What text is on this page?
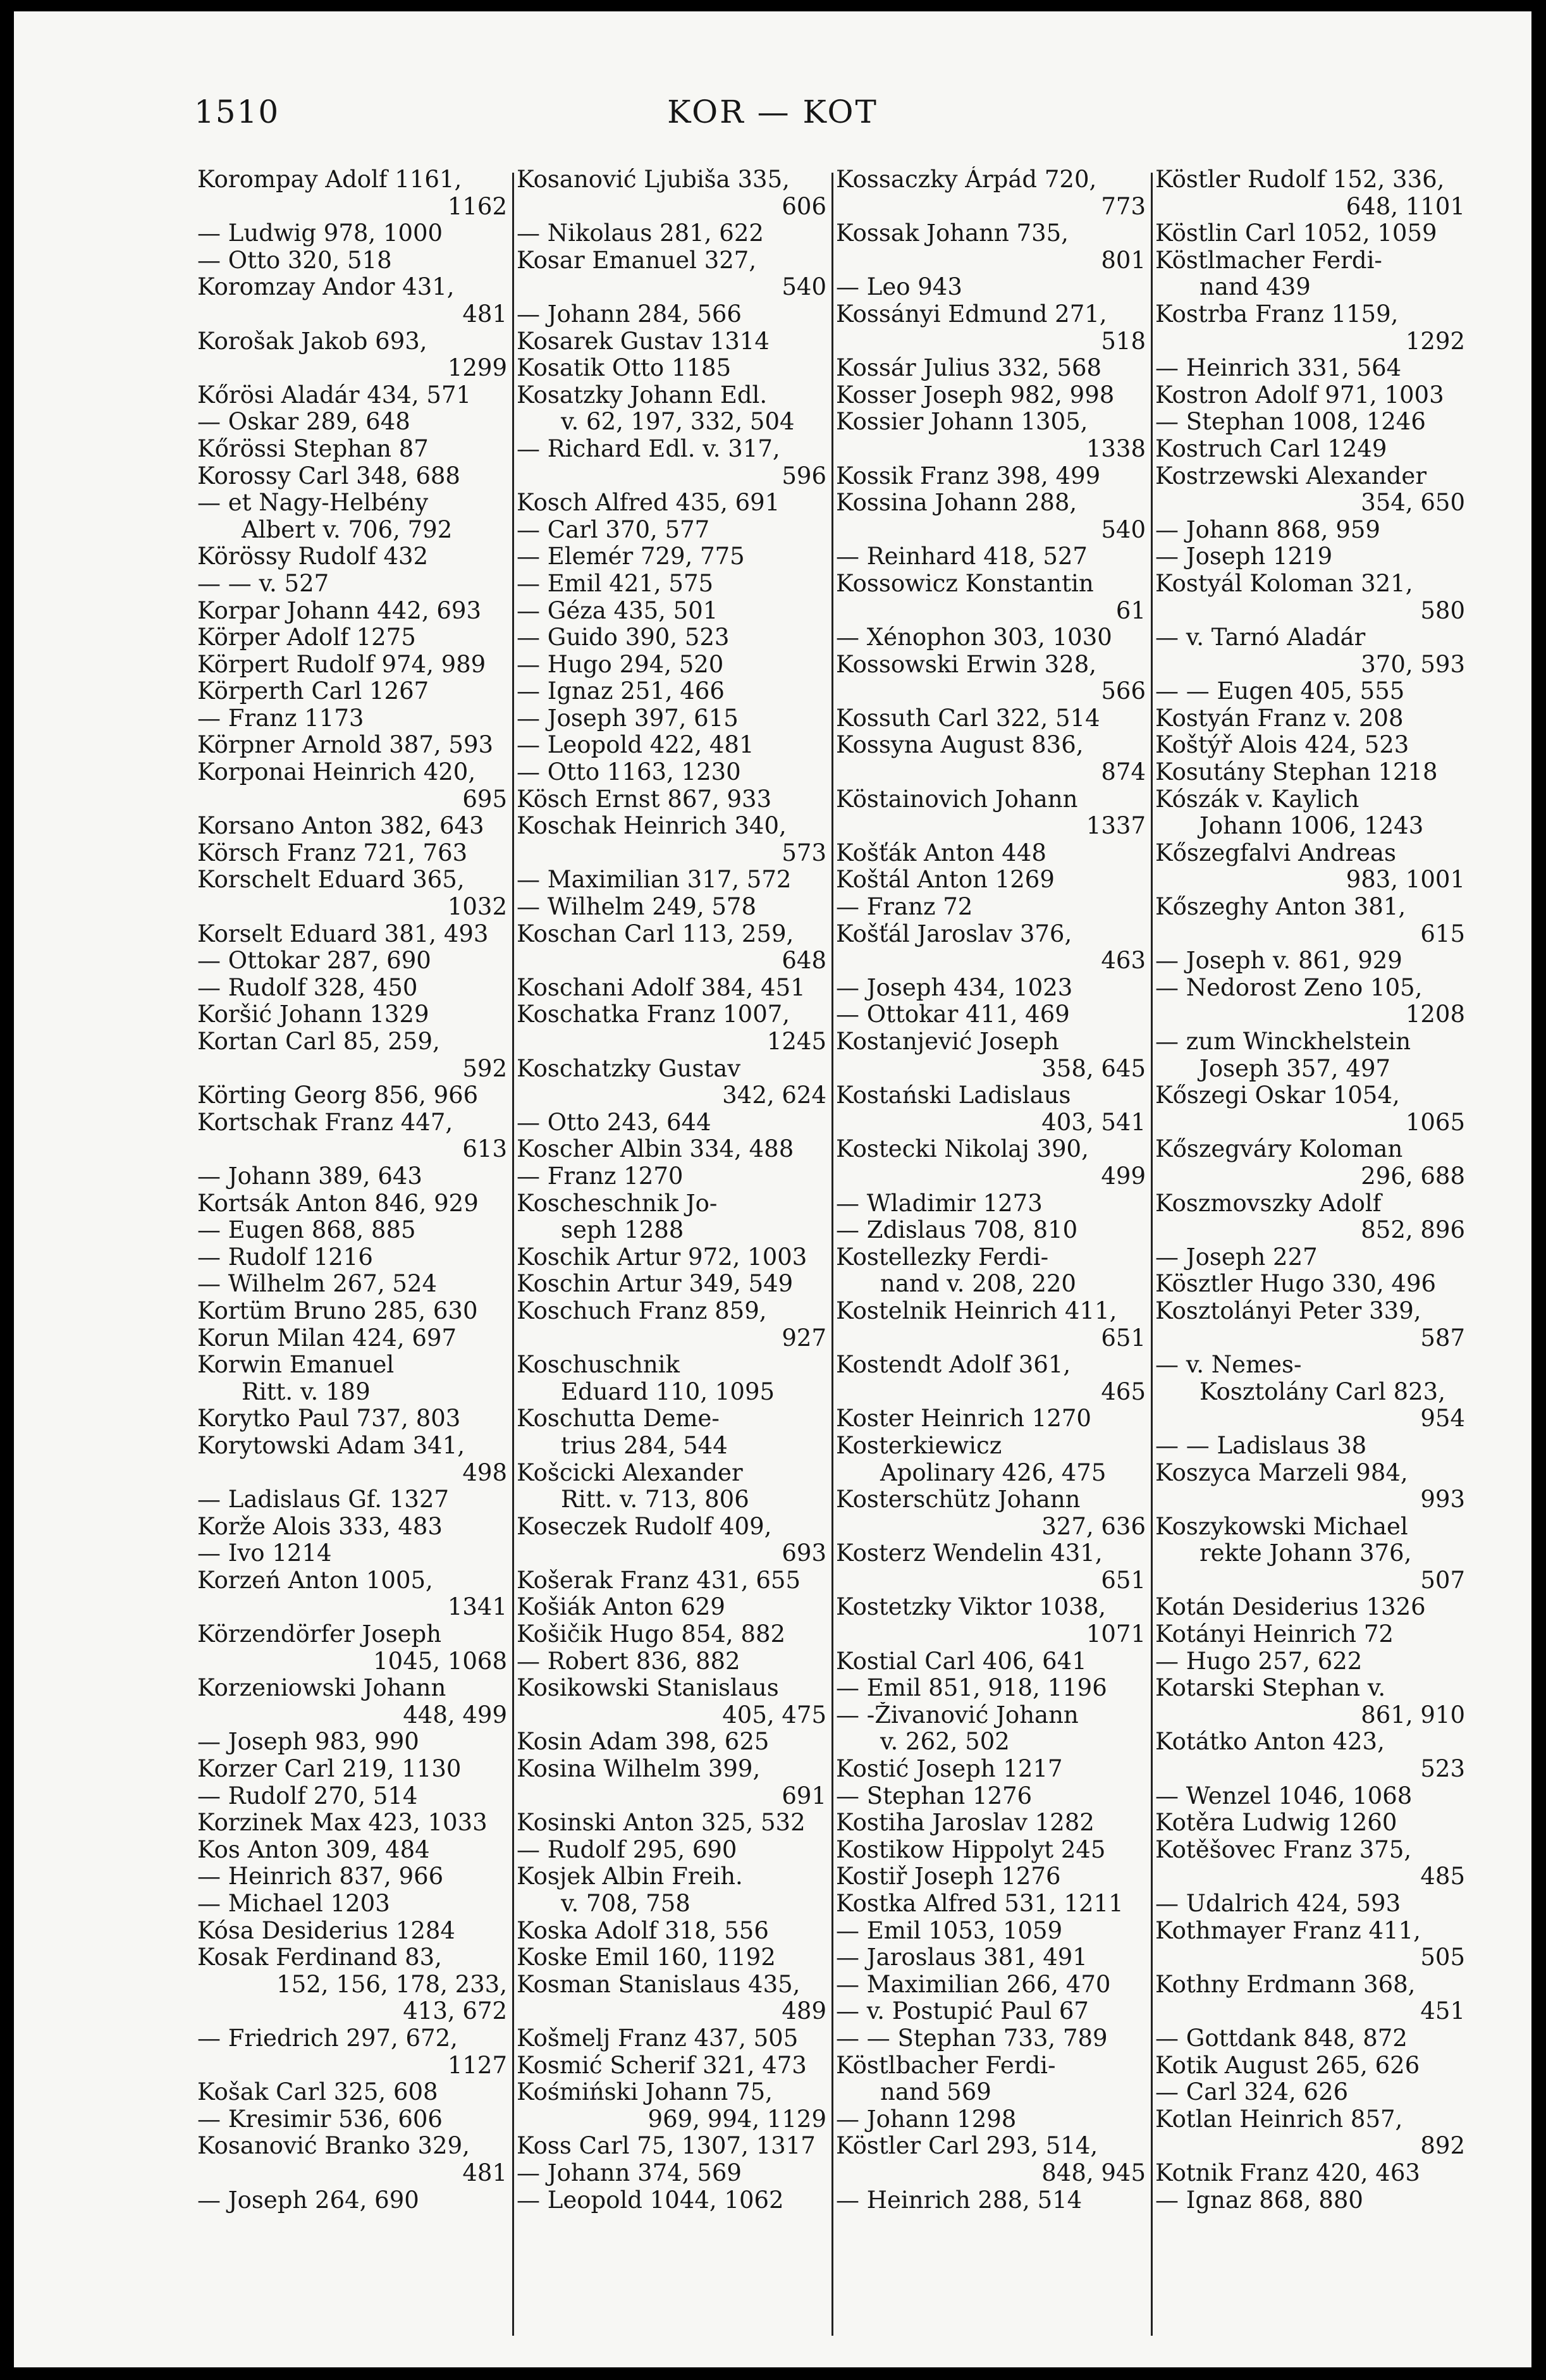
1510	KOR — KOT
Korompay Adolf 1161,
1162
— Ludwig 978, 1000
— Otto 320, 518
Koromzay Andor 431,
481
Korošak Jakob 693,
1299
Kőrösi Aladár 434, 571
— Oskar 289, 648
Kőrössi Stephan 87
Korossy Carl 348, 688
— et Nagy-Helbény
Albert v. 706, 792
Körössy Rudolf 432
— — v. 527
Korpar Johann 442, 693
Körper Adolf 1275
Körpert Rudolf 974, 989
Körperth Carl 1267
— Franz 1173
Körpner Arnold 387, 593
Korponai Heinrich 420,
695
Korsano Anton 382, 643
Körsch Franz 721, 763
Korschelt Eduard 365,
1032
Korselt Eduard 381, 493
— Ottokar 287, 690
— Rudolf 328, 450
Koršić Johann 1329
Kortan Carl 85, 259,
592
Körting Georg 856, 966
Kortschak Franz 447,
613
— Johann 389, 643
Kortsák Anton 846, 929
— Eugen 868, 885
— Rudolf 1216
— Wilhelm 267, 524
Kortüm Bruno 285, 630
Korun Milan 424, 697
Korwin Emanuel
Ritt. v. 189
Korytko Paul 737, 803
Korytowski Adam 341,
498
— Ladislaus Gf. 1327
Korže Alois 333, 483
— Ivo 1214
Korzeń Anton 1005,
1341
Körzendörfer Joseph
1045, 1068
Korzeniowski Johann
448, 499
— Joseph 983, 990
Korzer Carl 219, 1130
— Rudolf 270, 514
Korzinek Max 423, 1033
Kos Anton 309, 484
— Heinrich 837, 966
— Michael 1203
Kósa Desiderius 1284
Kosak Ferdinand 83,
152, 156, 178, 233,
413, 672
— Friedrich 297, 672,
1127
Košak Carl 325, 608
— Kresimir 536, 606
Kosanović Branko 329,
481
— Joseph 264, 690
Kosanović Ljubiša 335,
606
— Nikolaus 281, 622
Kosar Emanuel 327,
540
— Johann 284, 566
Kosarek Gustav 1314
Kosatik Otto 1185
Kosatzky Johann Edl.
v. 62, 197, 332, 504
— Richard Edl. v. 317,
596
Kosch Alfred 435, 691
— Carl 370, 577
— Elemér 729, 775
— Emil 421, 575
— Géza 435, 501
— Guido 390, 523
— Hugo 294, 520
— Ignaz 251, 466
— Joseph 397, 615
— Leopold 422, 481
— Otto 1163, 1230
Kösch Ernst 867, 933
Koschak Heinrich 340,
573
— Maximilian 317, 572
— Wilhelm 249, 578
Koschan Carl 113, 259,
648
Koschani Adolf 384, 451
Koschatka Franz 1007,
1245
Koschatzky Gustav
342, 624
— Otto 243, 644
Koscher Albin 334, 488
— Franz 1270
Koscheschnik Jo-
seph 1288
Koschik Artur 972, 1003
Koschin Artur 349, 549
Koschuch Franz 859,
927
Koschuschnik
Eduard 110, 1095
Koschutta Deme-
trius 284, 544
Košcicki Alexander
Ritt. v. 713, 806
Koseczek Rudolf 409,
693
Košerak Franz 431, 655
Košiák Anton 629
Košičik Hugo 854, 882
— Robert 836, 882
Kosikowski Stanislaus
405, 475
Kosin Adam 398, 625
Kosina Wilhelm 399,
691
Kosinski Anton 325, 532
— Rudolf 295, 690
Kosjek Albin Freih.
v. 708, 758
Koska Adolf 318, 556
Koske Emil 160, 1192
Kosman Stanislaus 435,
489
Košmelj Franz 437, 505
Kosmić Scherif 321, 473
Kośmiński Johann 75,
969, 994, 1129
Koss Carl 75, 1307, 1317
— Johann 374, 569
— Leopold 1044, 1062
Kossaczky Árpád 720,
773
Kossak Johann 735,
801
— Leo 943
Kossányi Edmund 271,
518
Kossár Julius 332, 568
Kosser Joseph 982, 998
Kossier Johann 1305,
1338
Kossik Franz 398, 499
Kossina Johann 288,
540
— Reinhard 418, 527
Kossowicz Konstantin
61
— Xénophon 303, 1030
Kossowski Erwin 328,
566
Kossuth Carl 322, 514
Kossyna August 836,
874
Köstainovich Johann
1337
Košťák Anton 448
Koštál Anton 1269
— Franz 72
Košťál Jaroslav 376,
463
— Joseph 434, 1023
— Ottokar 411, 469
Kostanjević Joseph
358, 645
Kostański Ladislaus
403, 541
Kostecki Nikolaj 390,
499
— Wladimir 1273
— Zdislaus 708, 810
Kostellezky Ferdi-
nand v. 208, 220
Kostelnik Heinrich 411,
651
Kostendt Adolf 361,
465
Koster Heinrich 1270
Kosterkiewicz
Apolinary 426, 475
Kosterschütz Johann
327, 636
Kosterz Wendelin 431,
651
Kostetzky Viktor 1038,
1071
Kostial Carl 406, 641
— Emil 851, 918, 1196
— -Živanović Johann
v. 262, 502
Kostić Joseph 1217
— Stephan 1276
Kostiha Jaroslav 1282
Kostikow Hippolyt 245
Kostiř Joseph 1276
Kostka Alfred 531, 1211
— Emil 1053, 1059
— Jaroslaus 381, 491
— Maximilian 266, 470
— v. Postupić Paul 67
— — Stephan 733, 789
Köstlbacher Ferdi-
nand 569
— Johann 1298
Köstler Carl 293, 514,
848, 945
— Heinrich 288, 514
Köstler Rudolf 152, 336,
648, 1101
Köstlin Carl 1052, 1059
Köstlmacher Ferdi-
nand 439
Kostrba Franz 1159,
1292
— Heinrich 331, 564
Kostron Adolf 971, 1003
— Stephan 1008, 1246
Kostruch Carl 1249
Kostrzewski Alexander
354, 650
— Johann 868, 959
— Joseph 1219
Kostyál Koloman 321,
580
— v. Tarnó Aladár
370, 593
— — Eugen 405, 555
Kostyán Franz v. 208
Koštýř Alois 424, 523
Kosutány Stephan 1218
Kószák v. Kaylich
Johann 1006, 1243
Kőszegfalvi Andreas
983, 1001
Kőszeghy Anton 381,
615
— Joseph v. 861, 929
— Nedorost Zeno 105,
1208
— zum Winckhelstein
Joseph 357, 497
Kőszegi Oskar 1054,
1065
Kőszegváry Koloman
296, 688
Koszmovszky Adolf
852, 896
— Joseph 227
Kösztler Hugo 330, 496
Kosztolányi Peter 339,
587
— v. Nemes-
Kosztolány Carl 823,
954
— — Ladislaus 38
Koszyca Marzeli 984,
993
Koszykowski Michael
rekte Johann 376,
507
Kotán Desiderius 1326
Kotányi Heinrich 72
— Hugo 257, 622
Kotarski Stephan v.
861, 910
Kotátko Anton 423,
523
— Wenzel 1046, 1068
Kotěra Ludwig 1260
Kotěšovec Franz 375,
485
— Udalrich 424, 593
Kothmayer Franz 411,
505
Kothny Erdmann 368,
451
— Gottdank 848, 872
Kotik August 265, 626
— Carl 324, 626
Kotlan Heinrich 857,
892
Kotnik Franz 420, 463
— Ignaz 868, 880
